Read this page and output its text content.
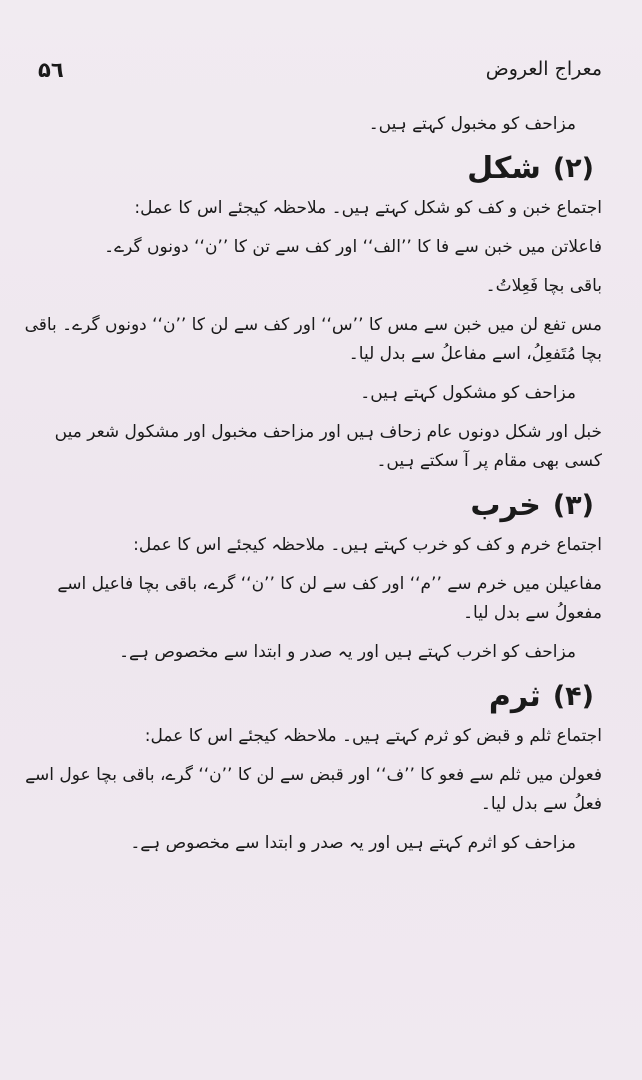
معراج العروض
۵٦

مزاحف کو مخبول کہتے ہیں۔

(۲)
شکل

اجتماع خبن و کف کو شکل کہتے ہیں۔ ملاحظہ کیجئے اس کا عمل:

فاعلاتن میں خبن سے فا کا ’’الف‘‘ اور کف سے تن کا ’’ن‘‘ دونوں گرے۔

باقی بچا فَعِلاتُ۔

مس تفع لن میں خبن سے مس کا ’’س‘‘ اور کف سے لن کا ’’ن‘‘ دونوں گرے۔ باقی بچا مُتَفعِلُ، اسے مفاعلُ سے بدل لیا۔

مزاحف کو مشکول کہتے ہیں۔

خبل اور شکل دونوں عام زحاف ہیں اور مزاحف مخبول اور مشکول شعر میں کسی بھی مقام پر آ سکتے ہیں۔

(۳)
خرب

اجتماع خرم و کف کو خرب کہتے ہیں۔ ملاحظہ کیجئے اس کا عمل:

مفاعیلن میں خرم سے ’’م‘‘ اور کف سے لن کا ’’ن‘‘ گرے، باقی بچا فاعیل اسے مفعولُ سے بدل لیا۔

مزاحف کو اخرب کہتے ہیں اور یہ صدر و ابتدا سے مخصوص ہے۔

(۴)
ثرم

اجتماع ثلم و قبض کو ثرم کہتے ہیں۔ ملاحظہ کیجئے اس کا عمل:

فعولن میں ثلم سے فعو کا ’’ف‘‘ اور قبض سے لن کا ’’ن‘‘ گرے، باقی بچا عول اسے فعلُ سے بدل لیا۔

مزاحف کو اثرم کہتے ہیں اور یہ صدر و ابتدا سے مخصوص ہے۔
